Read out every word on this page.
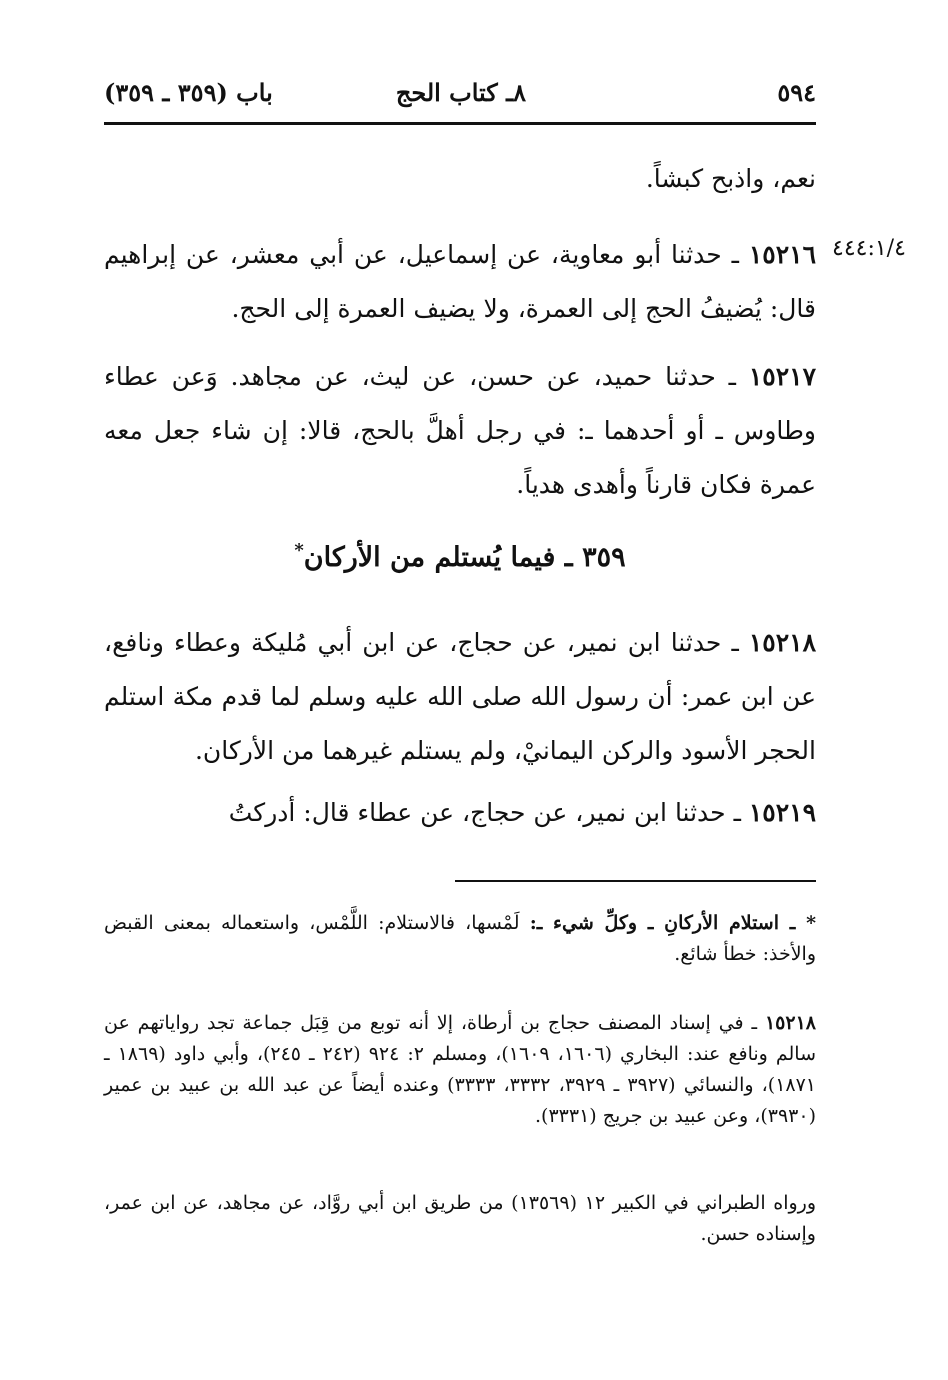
٥٩٤
٨ـ كتاب الحج
باب (٣٥٩ ـ ٣٥٩)
٤٤٤:١/٤

نعم، واذبح كبشاً.

١٥٢١٦ ـ حدثنا أبو معاوية، عن إسماعيل، عن أبي معشر، عن إبراهيم قال: يُضيفُ الحج إلى العمرة، ولا يضيف العمرة إلى الحج.

١٥٢١٧ ـ حدثنا حميد، عن حسن، عن ليث، عن مجاهد. وَعن عطاء وطاوس ـ أو أحدهما ـ: في رجل أهلَّ بالحج، قالا: إن شاء جعل معه عمرة فكان قارناً وأهدى هدياً.

٣٥٩ ـ فيما يُستلم من الأركان*

١٥٢١٨ ـ حدثنا ابن نمير، عن حجاج، عن ابن أبي مُليكة وعطاء ونافع، عن ابن عمر: أن رسول الله صلى الله عليه وسلم لما قدم مكة استلم الحجر الأسود والركن اليمانيْ، ولم يستلم غيرهما من الأركان.

١٥٢١٩ ـ حدثنا ابن نمير، عن حجاج، عن عطاء قال: أدركتُ

* ـ استلام الأركانِ ـ وكلِّ شيء ـ: لَمْسها، فالاستلام: اللَّمْس، واستعماله بمعنى القبض والأخذ: خطأ شائع.

١٥٢١٨ ـ في إسناد المصنف حجاج بن أرطاة، إلا أنه توبع من قِبَل جماعة تجد رواياتهم عن سالم ونافع عند: البخاري (١٦٠٦، ١٦٠٩)، ومسلم ٢: ٩٢٤ (٢٤٢ ـ ٢٤٥)، وأبي داود (١٨٦٩ ـ ١٨٧١)، والنسائي (٣٩٢٧ ـ ٣٩٢٩، ٣٣٣٢، ٣٣٣٣) وعنده أيضاً عن عبد الله بن عبيد بن عمير (٣٩٣٠)، وعن عبيد بن جريج (٣٣٣١).

ورواه الطبراني في الكبير ١٢ (١٣٥٦٩) من طريق ابن أبي روَّاد، عن مجاهد، عن ابن عمر، وإسناده حسن.
